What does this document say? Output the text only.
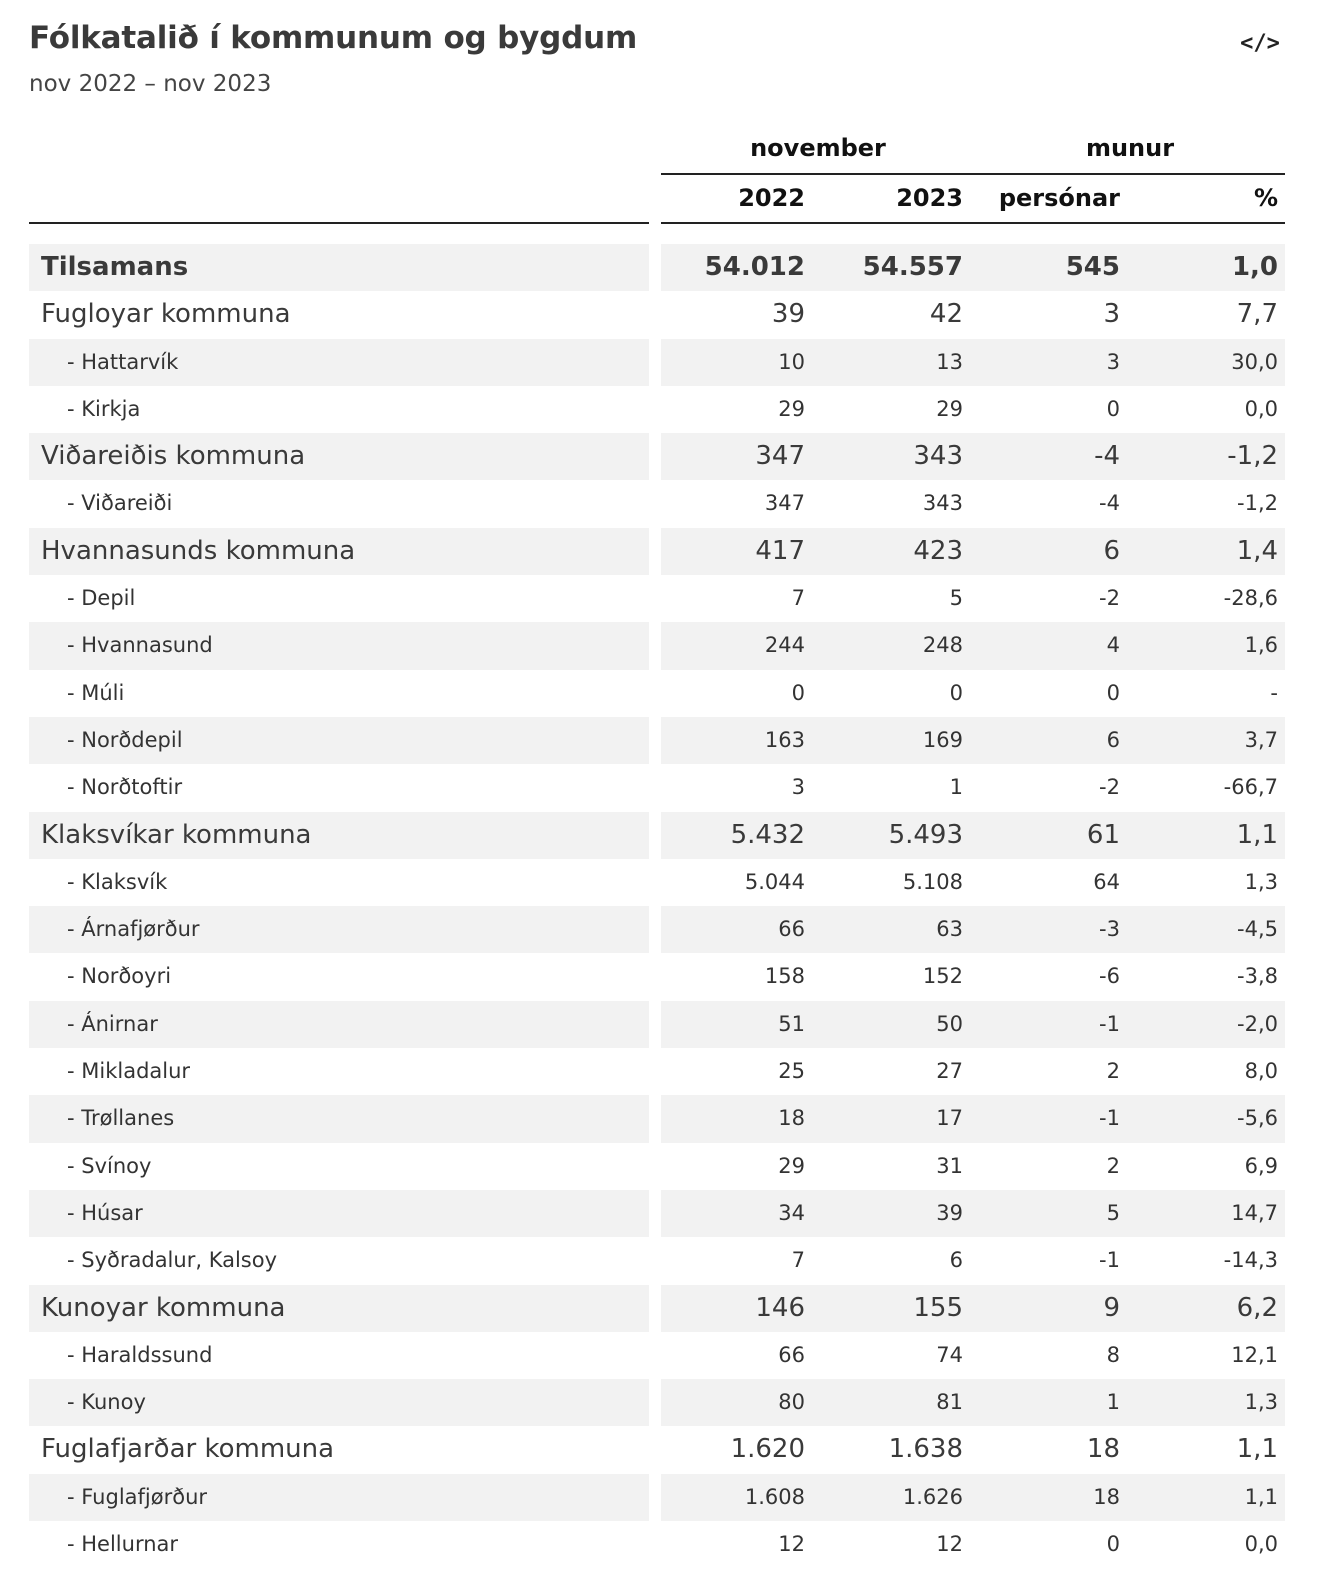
Fólkatalið í kommunum og bygdum
nov 2022 – nov 2023
</>
november	munur
2022	2023	persónar	%
Tilsamans	54.012	54.557	545	1,0
Fugloyar kommuna	39	42	3	7,7
- Hattarvík	10	13	3	30,0
- Kirkja	29	29	0	0,0
Viðareiðis kommuna	347	343	-4	-1,2
- Viðareiði	347	343	-4	-1,2
Hvannasunds kommuna	417	423	6	1,4
- Depil	7	5	-2	-28,6
- Hvannasund	244	248	4	1,6
- Múli	0	0	0	-
- Norðdepil	163	169	6	3,7
- Norðtoftir	3	1	-2	-66,7
Klaksvíkar kommuna	5.432	5.493	61	1,1
- Klaksvík	5.044	5.108	64	1,3
- Árnafjørður	66	63	-3	-4,5
- Norðoyri	158	152	-6	-3,8
- Ánirnar	51	50	-1	-2,0
- Mikladalur	25	27	2	8,0
- Trøllanes	18	17	-1	-5,6
- Svínoy	29	31	2	6,9
- Húsar	34	39	5	14,7
- Syðradalur, Kalsoy	7	6	-1	-14,3
Kunoyar kommuna	146	155	9	6,2
- Haraldssund	66	74	8	12,1
- Kunoy	80	81	1	1,3
Fuglafjarðar kommuna	1.620	1.638	18	1,1
- Fuglafjørður	1.608	1.626	18	1,1
- Hellurnar	12	12	0	0,0
